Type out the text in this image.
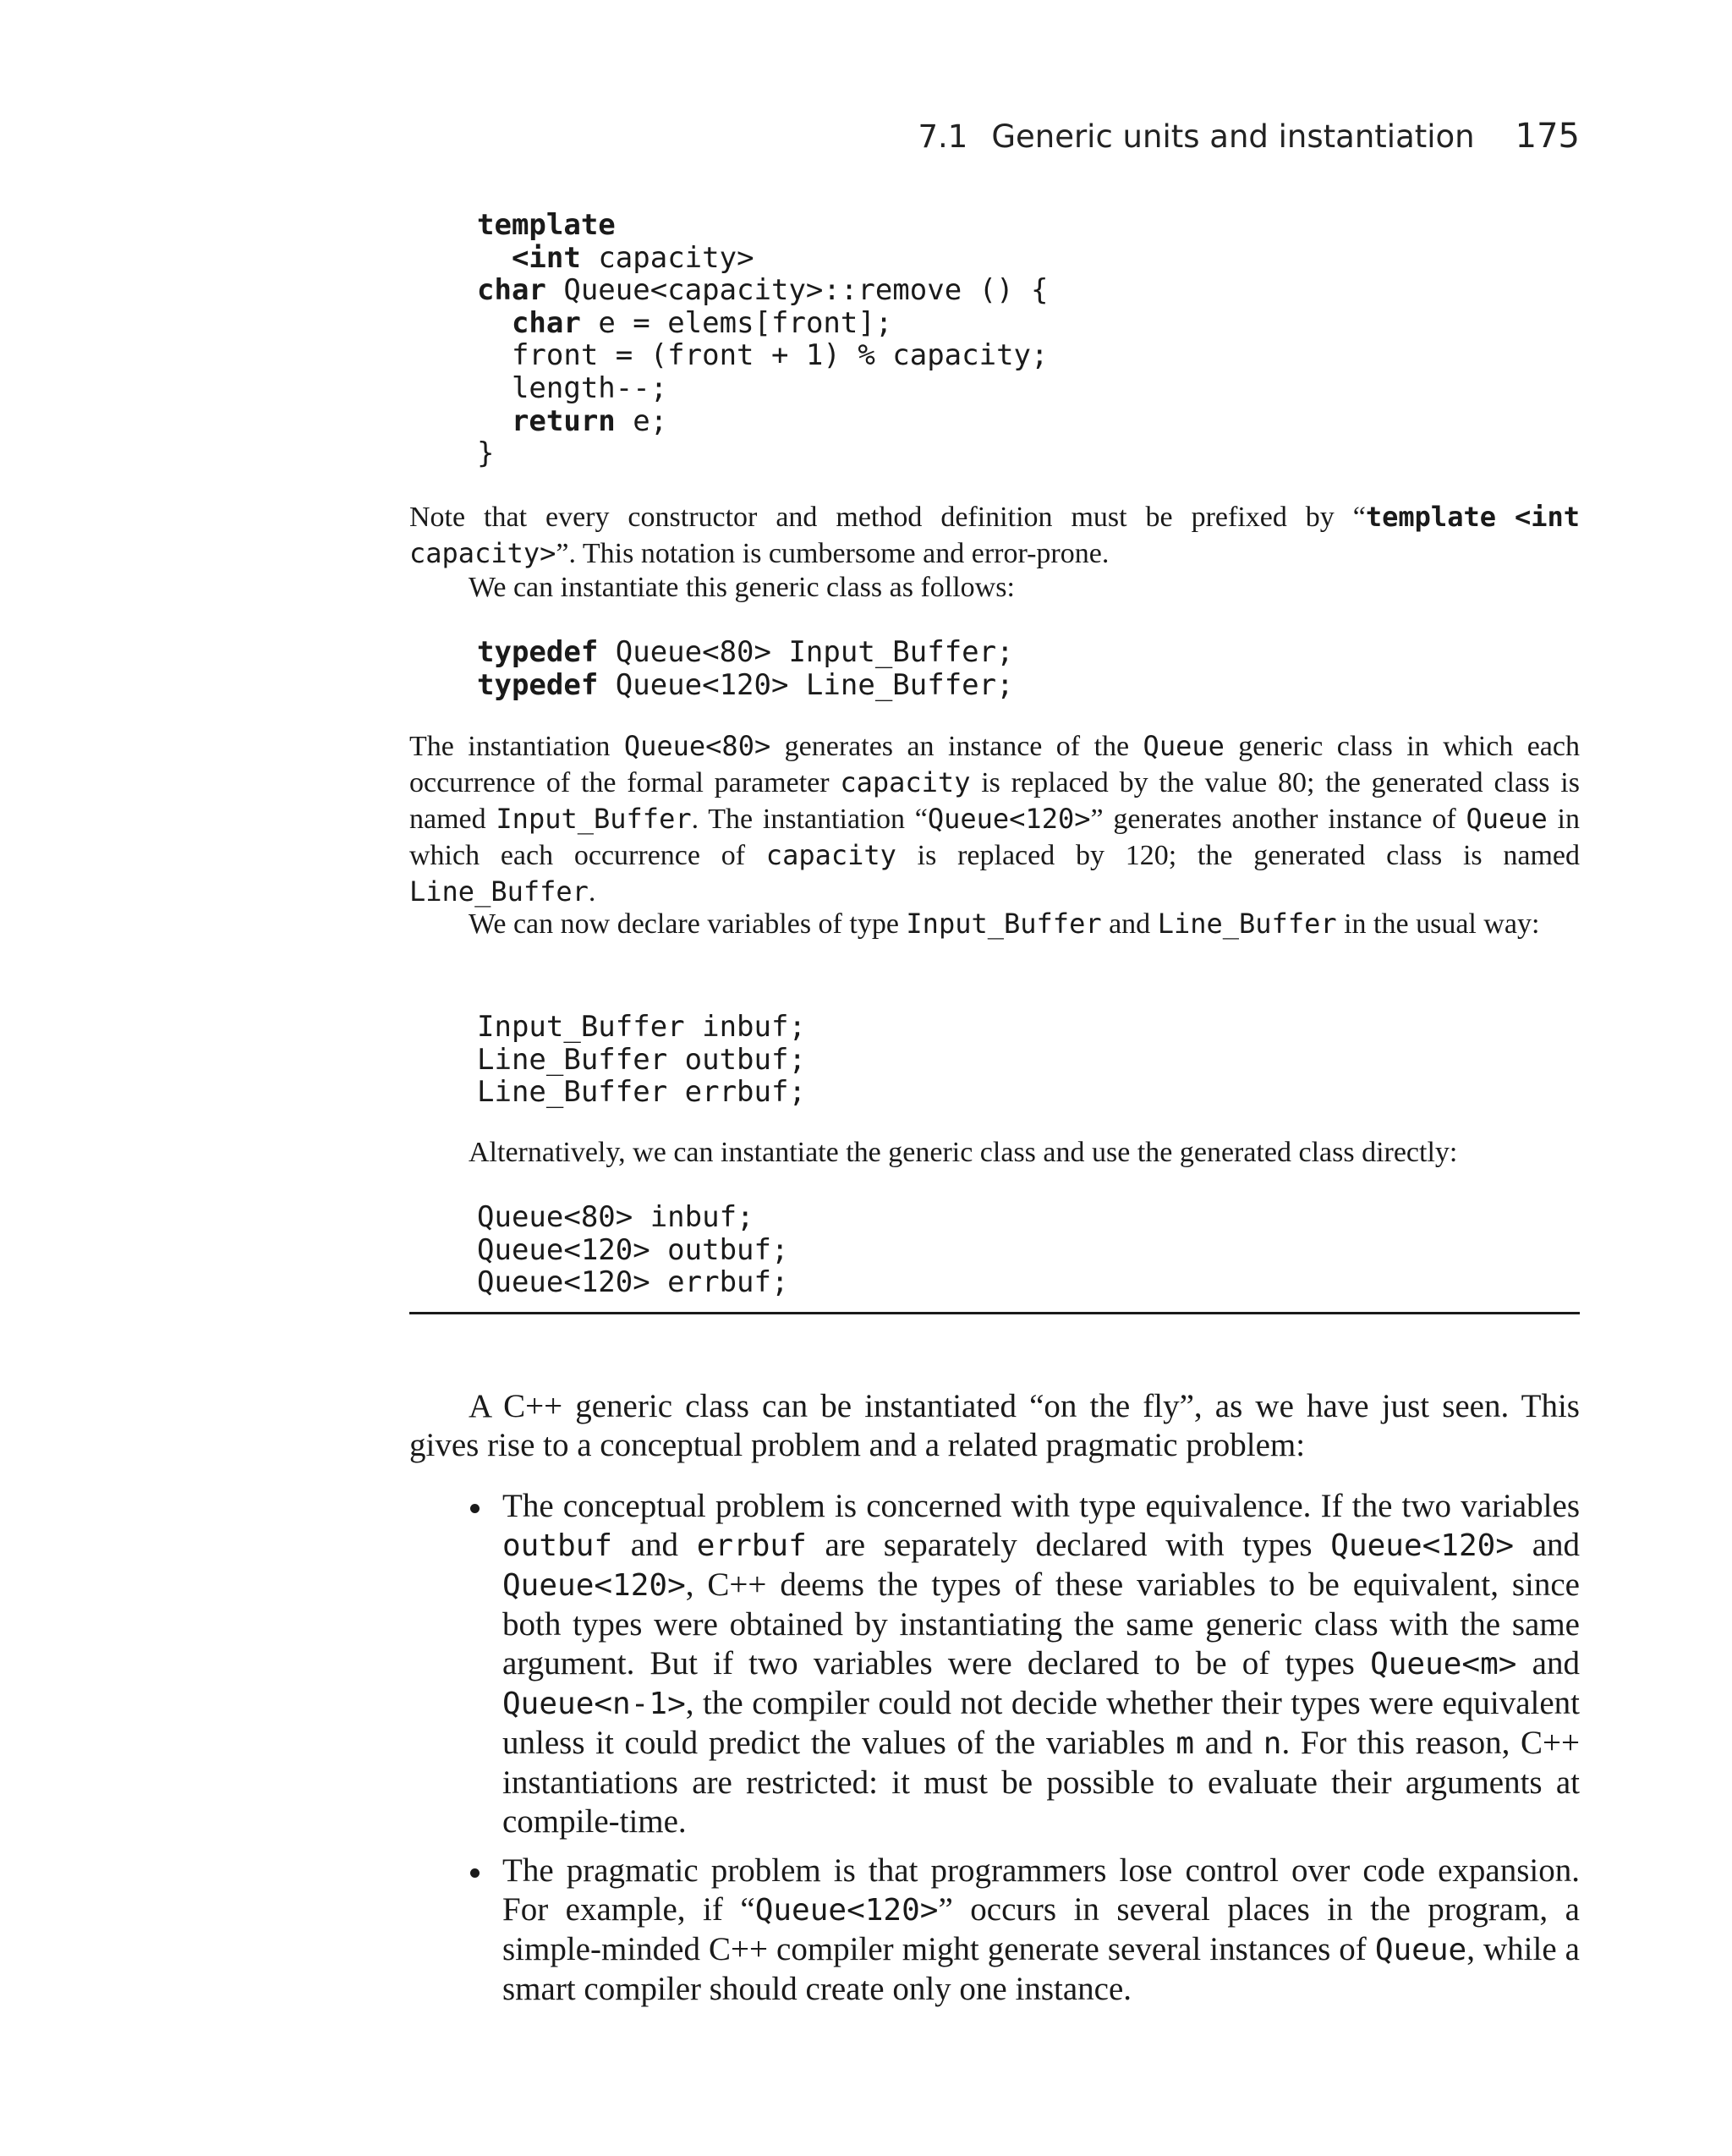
7.1 Generic units and instantiation 175
template
<int capacity>
char Queue<capacity>::remove () {
char e = elems[front];
front = (front + 1) % capacity;
length--;
return e;
}

Note that every constructor and method definition must be prefixed by “template <int capacity>”. This notation is cumbersome and error-prone.

We can instantiate this generic class as follows:

typedef Queue<80> Input_Buffer;
typedef Queue<120> Line_Buffer;

The instantiation Queue<80> generates an instance of the Queue generic class in which each occurrence of the formal parameter capacity is replaced by the value 80; the generated class is named Input_Buffer. The instantiation “Queue<120>” generates another instance of Queue in which each occurrence of capacity is replaced by 120; the generated class is named Line_Buffer.

We can now declare variables of type Input_Buffer and Line_Buffer in the usual way:

Input_Buffer inbuf;
Line_Buffer outbuf;
Line_Buffer errbuf;

Alternatively, we can instantiate the generic class and use the generated class directly:

Queue<80> inbuf;
Queue<120> outbuf;
Queue<120> errbuf;

A C++ generic class can be instantiated “on the fly”, as we have just seen. This gives rise to a conceptual problem and a related pragmatic problem:

The conceptual problem is concerned with type equivalence. If the two variables outbuf and errbuf are separately declared with types Queue<120> and Queue<120>, C++ deems the types of these variables to be equivalent, since both types were obtained by instantiating the same generic class with the same argument. But if two variables were declared to be of types Queue<m> and Queue<n-1>, the compiler could not decide whether their types were equivalent unless it could predict the values of the variables m and n. For this reason, C++ instantiations are restricted: it must be possible to evaluate their arguments at compile-time.

The pragmatic problem is that programmers lose control over code expansion. For example, if “Queue<120>” occurs in several places in the program, a simple-minded C++ compiler might generate several instances of Queue, while a smart compiler should create only one instance.
